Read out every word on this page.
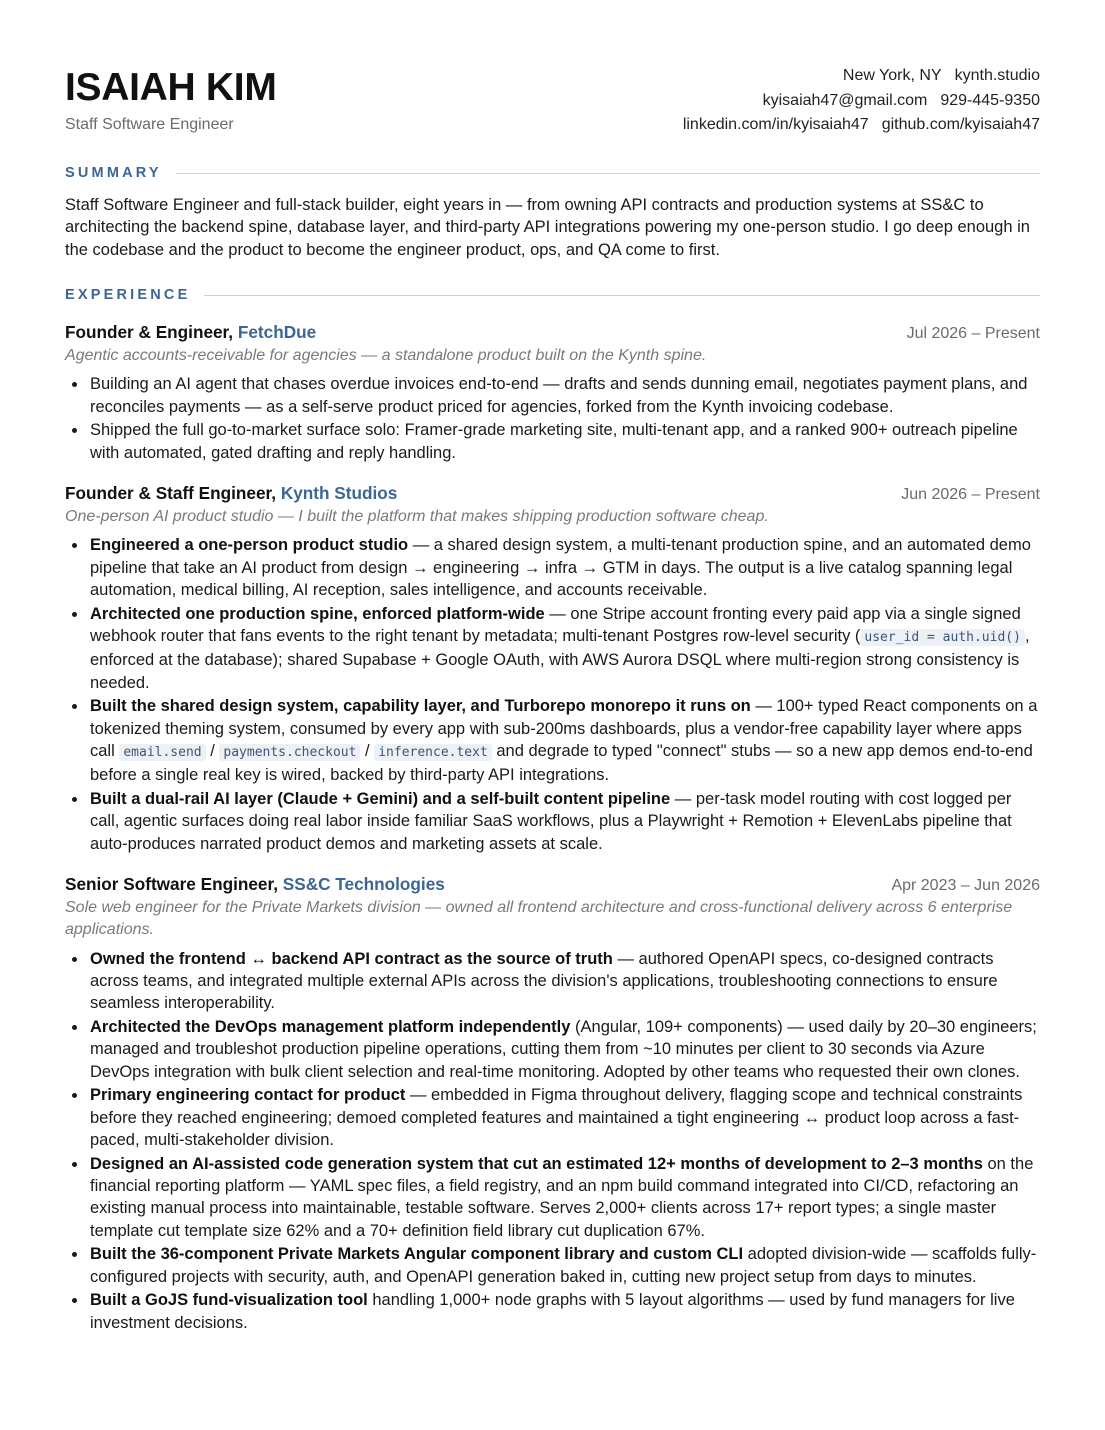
ISAIAH KIM
Staff Software Engineer
New York, NY kynth.studio
kyisaiah47@gmail.com 929-445-9350
linkedin.com/in/kyisaiah47 github.com/kyisaiah47
SUMMARY

Staff Software Engineer and full-stack builder, eight years in — from owning API contracts and production systems at SS&C to architecting the backend spine, database layer, and third-party API integrations powering my one-person studio. I go deep enough in the codebase and the product to become the engineer product, ops, and QA come to first.

EXPERIENCE
Founder & Engineer, FetchDue	Jul 2026 – Present
Agentic accounts-receivable for agencies — a standalone product built on the Kynth spine.
Building an AI agent that chases overdue invoices end-to-end — drafts and sends dunning email, negotiates payment plans, and reconciles payments — as a self-serve product priced for agencies, forked from the Kynth invoicing codebase.
Shipped the full go-to-market surface solo: Framer-grade marketing site, multi-tenant app, and a ranked 900+ outreach pipeline with automated, gated drafting and reply handling.
Founder & Staff Engineer, Kynth Studios	Jun 2026 – Present
One-person AI product studio — I built the platform that makes shipping production software cheap.
Engineered a one-person product studio — a shared design system, a multi-tenant production spine, and an automated demo pipeline that take an AI product from design → engineering → infra → GTM in days. The output is a live catalog spanning legal automation, medical billing, AI reception, sales intelligence, and accounts receivable.
Architected one production spine, enforced platform-wide — one Stripe account fronting every paid app via a single signed webhook router that fans events to the right tenant by metadata; multi-tenant Postgres row-level security ( user_id = auth.uid() , enforced at the database); shared Supabase + Google OAuth, with AWS Aurora DSQL where multi-region strong consistency is needed.
Built the shared design system, capability layer, and Turborepo monorepo it runs on — 100+ typed React components on a tokenized theming system, consumed by every app with sub-200ms dashboards, plus a vendor-free capability layer where apps call email.send / payments.checkout / inference.text and degrade to typed "connect" stubs — so a new app demos end-to-end before a single real key is wired, backed by third-party API integrations.
Built a dual-rail AI layer (Claude + Gemini) and a self-built content pipeline — per-task model routing with cost logged per call, agentic surfaces doing real labor inside familiar SaaS workflows, plus a Playwright + Remotion + ElevenLabs pipeline that auto-produces narrated product demos and marketing assets at scale.
Senior Software Engineer, SS&C Technologies	Apr 2023 – Jun 2026
Sole web engineer for the Private Markets division — owned all frontend architecture and cross-functional delivery across 6 enterprise applications.
Owned the frontend ↔ backend API contract as the source of truth — authored OpenAPI specs, co-designed contracts across teams, and integrated multiple external APIs across the division's applications, troubleshooting connections to ensure seamless interoperability.
Architected the DevOps management platform independently (Angular, 109+ components) — used daily by 20–30 engineers; managed and troubleshot production pipeline operations, cutting them from ~10 minutes per client to 30 seconds via Azure DevOps integration with bulk client selection and real-time monitoring. Adopted by other teams who requested their own clones.
Primary engineering contact for product — embedded in Figma throughout delivery, flagging scope and technical constraints before they reached engineering; demoed completed features and maintained a tight engineering ↔ product loop across a fast-paced, multi-stakeholder division.
Designed an AI-assisted code generation system that cut an estimated 12+ months of development to 2–3 months on the financial reporting platform — YAML spec files, a field registry, and an npm build command integrated into CI/CD, refactoring an existing manual process into maintainable, testable software. Serves 2,000+ clients across 17+ report types; a single master template cut template size 62% and a 70+ definition field library cut duplication 67%.
Built the 36-component Private Markets Angular component library and custom CLI adopted division-wide — scaffolds fully-configured projects with security, auth, and OpenAPI generation baked in, cutting new project setup from days to minutes.
Built a GoJS fund-visualization tool handling 1,000+ node graphs with 5 layout algorithms — used by fund managers for live investment decisions.
